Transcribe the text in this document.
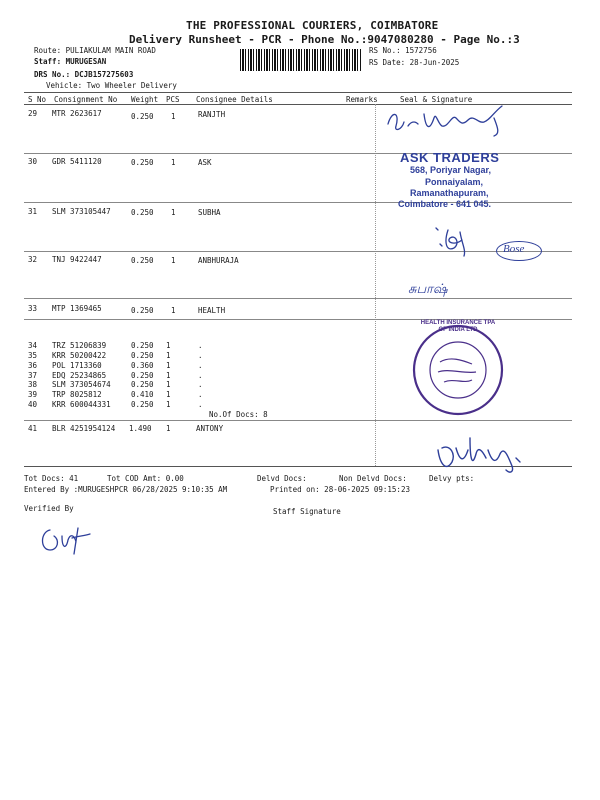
THE PROFESSIONAL COURIERS, COIMBATORE
Delivery Runsheet - PCR - Phone No.:9047080280 - Page No.:3
Route: PULIAKULAM MAIN ROAD
Staff: MURUGESAN
DRS No.: DCJB157275603
Vehicle: Two Wheeler Delivery
RS No.: 1572756
RS Date: 28-Jun-2025
S No Consignment No Weight PCS Consignee Details	Remarks	Seal & Signature
29 MTR 2623617	0.250 1	RANJTH
30 GDR 5411120	0.250 1	ASK
31 SLM 373105447	0.250 1	SUBHA
32 TNJ 9422447	0.250 1	ANBHURAJA
33 MTP 1369465	0.250 1	HEALTH
34 TRZ 51206839	0.250 1	.
35 KRR 50200422	0.250 1	.
36 POL 1713360	0.360 1	.
37 EDQ 25234865	0.250 1	.
38 SLM 373054674	0.250 1	.
39 TRP 8025812	0.410 1	.
40 KRR 600044331	0.250 1	.
No.Of Docs: 8
41 BLR 4251954124 1.490 1	ANTONY
Tot Docs: 41	Tot COD Amt: 0.00	Delvd Docs:	Non Delvd Docs:	Delvy pts:
Entered By :MURUGESHPCR 06/28/2025 9:10:35 AM	Printed on: 28-06-2025 09:15:23
Verified By	Staff Signature
ASK TRADERS
568, Poriyar Nagar,
Ponnaiyalam,
Ramanathapuram,
Coimbatore - 641 045.
Bose
சுபாஷ்
HEALTH INSURANCE TPA OF INDIA LTD
